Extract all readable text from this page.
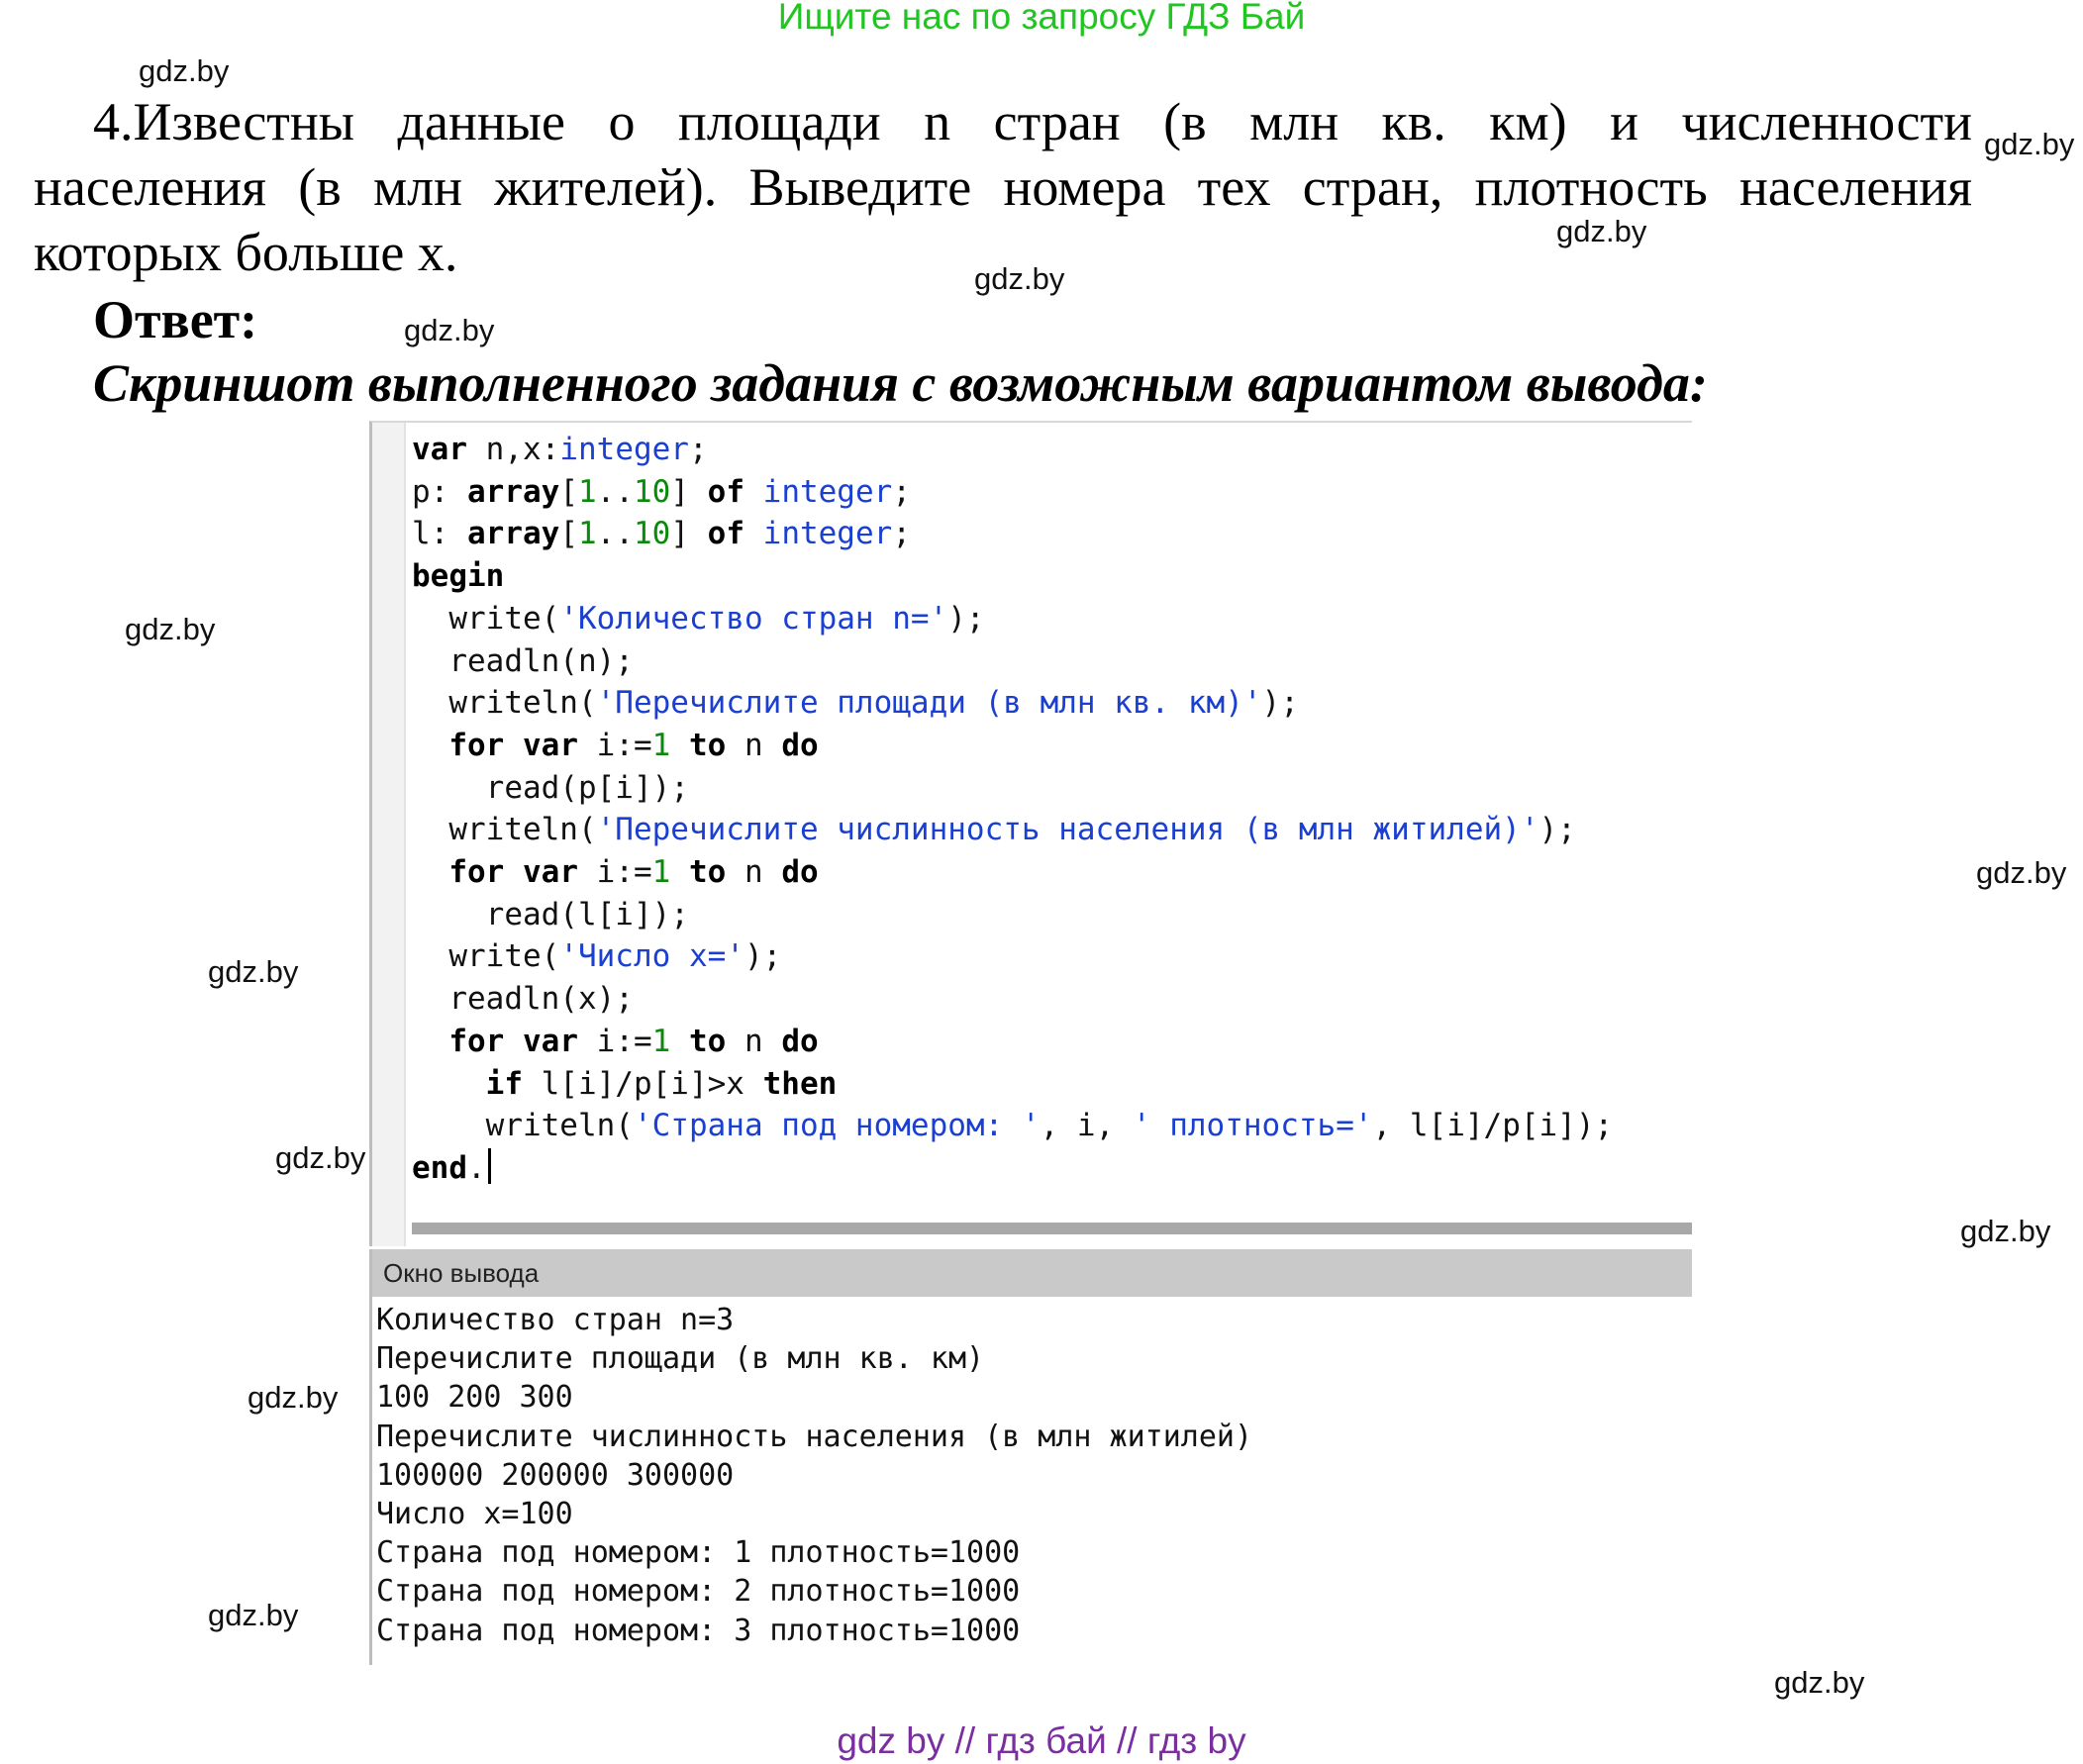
Ищите нас по запросу ГДЗ Бай
gdz.by
gdz.by
gdz.by
gdz.by
gdz.by
gdz.by
gdz.by
gdz.by
gdz.by
gdz.by
gdz.by
gdz.by
gdz.by
4.Известны данные о площади n стран (в млн кв. км) и численности
населения (в млн жителей). Выведите номера тех стран, плотность населения
которых больше x.
Ответ:
Скриншот выполненного задания с возможным вариантом вывода:
var n,x:integer;
p: array[1..10] of integer;
l: array[1..10] of integer;
begin
write('Количество стран n=');
readln(n);
writeln('Перечислите площади (в млн кв. км)');
for var i:=1 to n do
read(p[i]);
writeln('Перечислите числинность населения (в млн житилей)');
for var i:=1 to n do
read(l[i]);
write('Число x=');
readln(x);
for var i:=1 to n do
if l[i]/p[i]>x then
writeln('Страна под номером: ', i, ' плотность=', l[i]/p[i]);
end.
Окно вывода
Количество стран n=3
Перечислите площади (в млн кв. км)
100 200 300
Перечислите числинность населения (в млн житилей)
100000 200000 300000
Число x=100
Страна под номером: 1 плотность=1000
Страна под номером: 2 плотность=1000
Страна под номером: 3 плотность=1000
gdz by // гдз бай // гдз by
